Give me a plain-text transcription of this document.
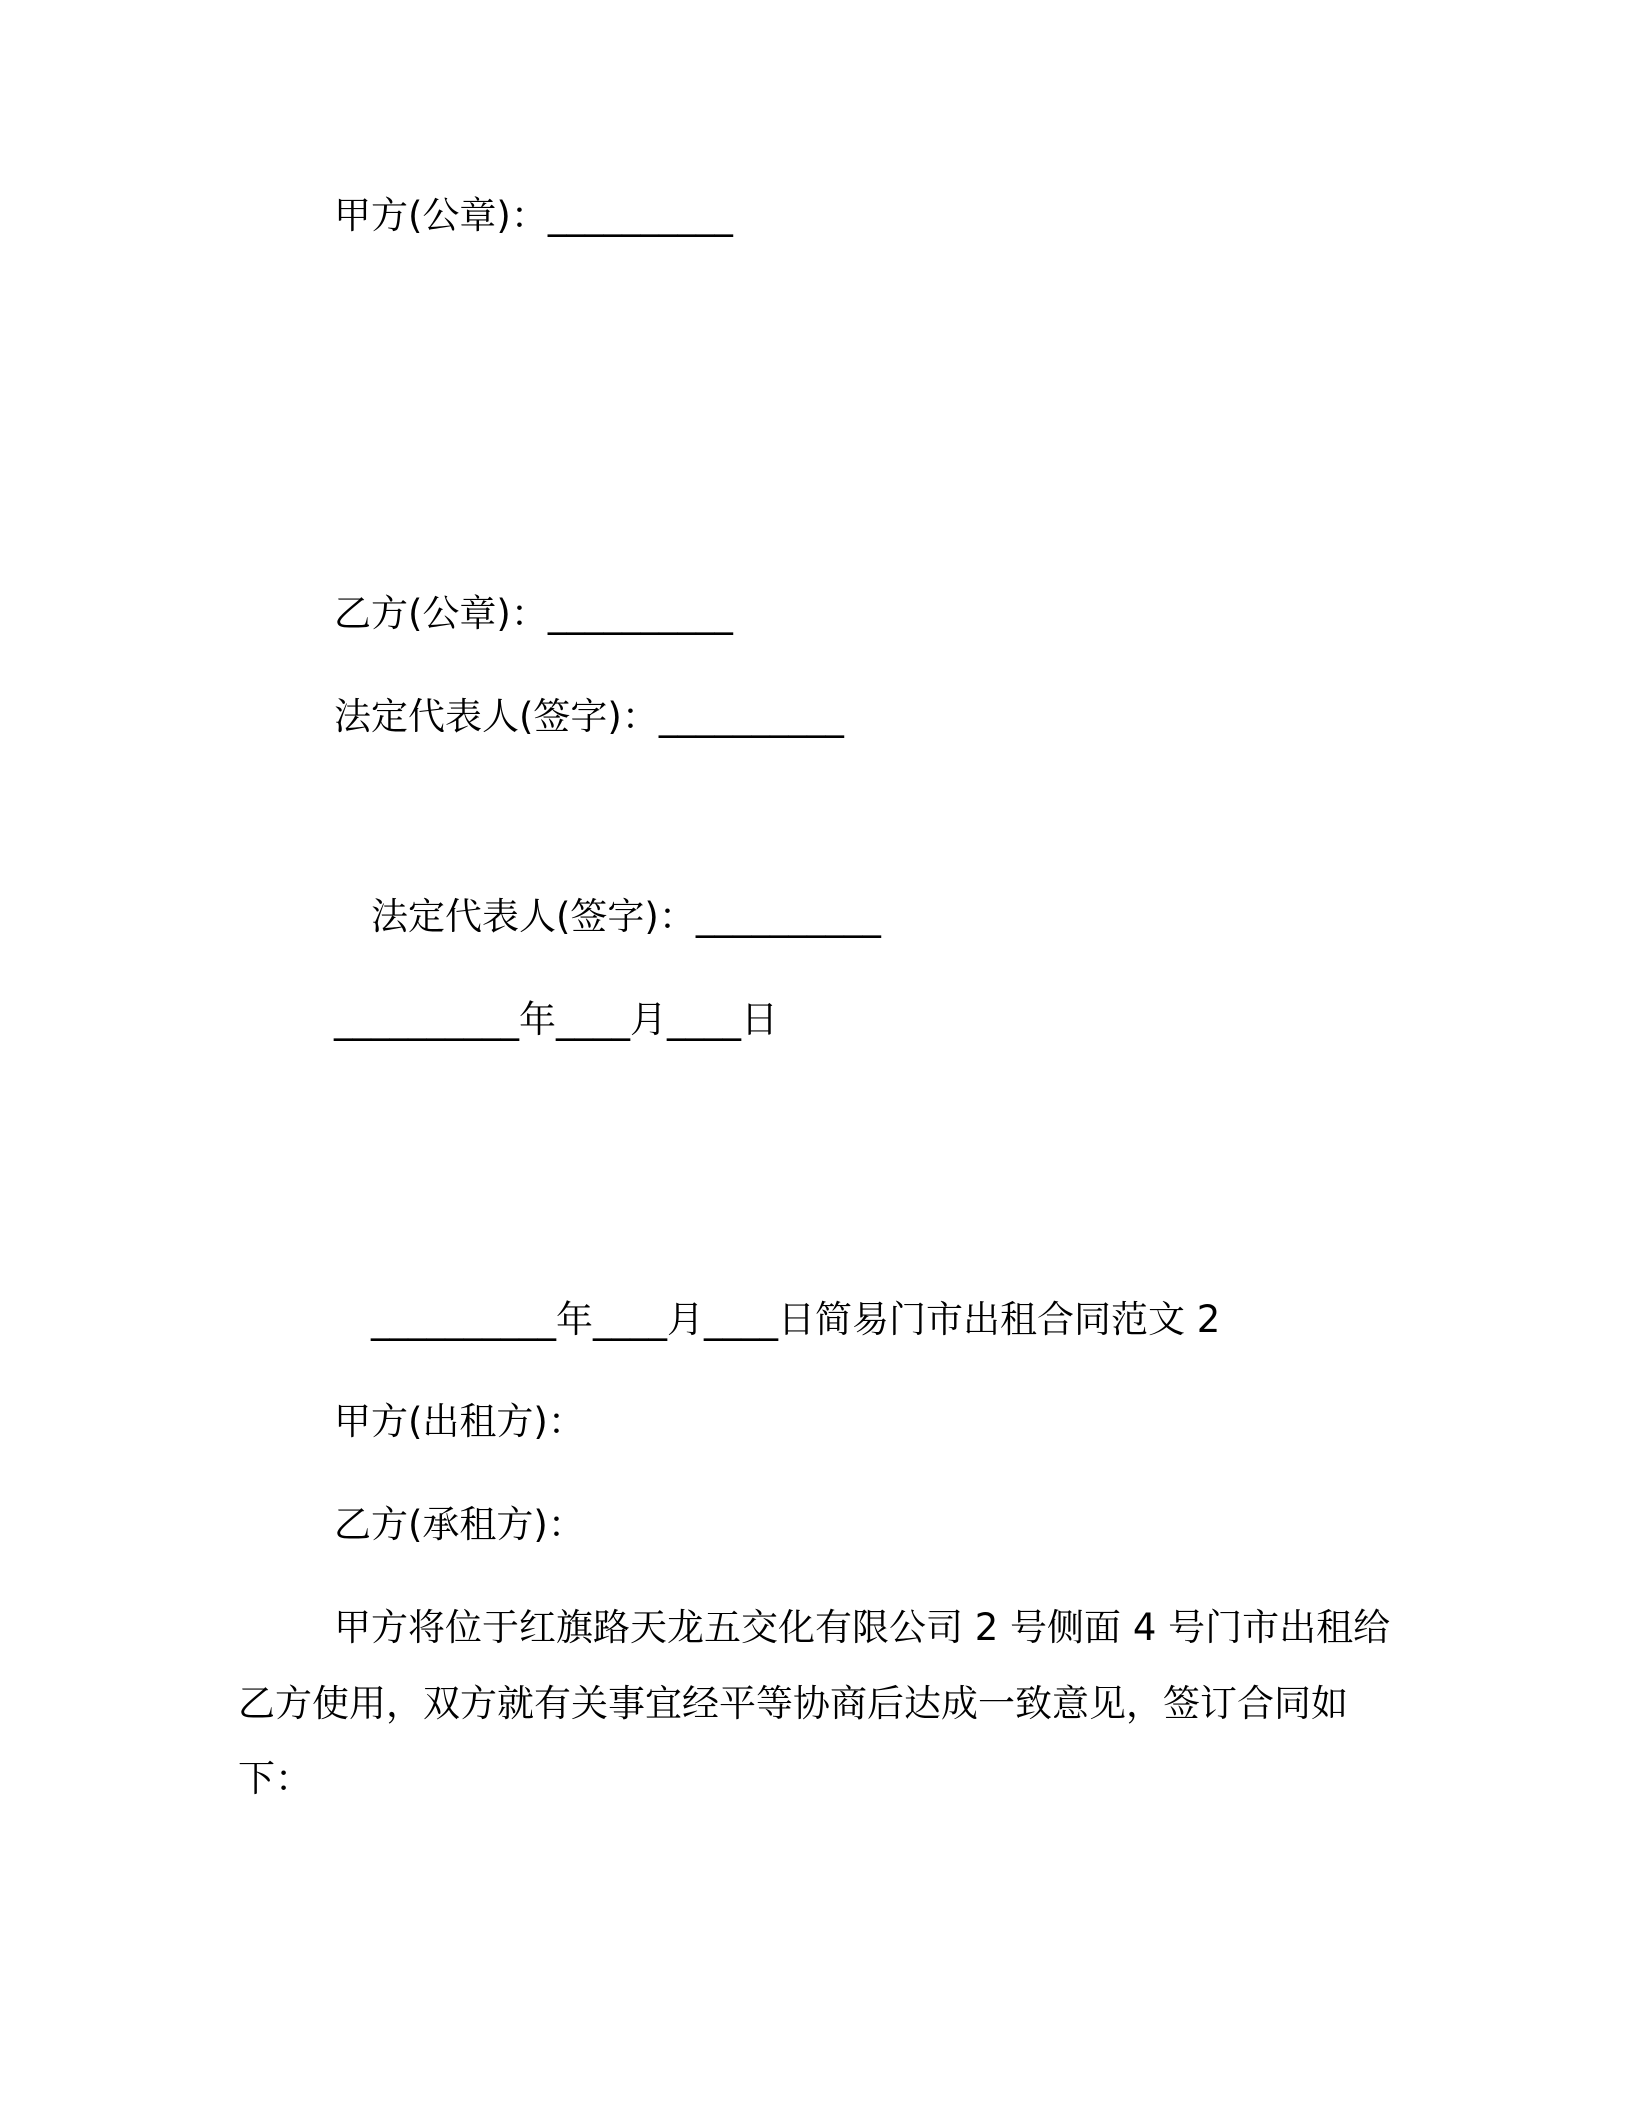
甲方(公章)：__________

乙方(公章)：__________

法定代表人(签字)：__________

法定代表人(签字)：__________

__________年____月____日

__________年____月____日简易门市出租合同范文 2

甲方(出租方)：

乙方(承租方)：

甲方将位于红旗路天龙五交化有限公司 2 号侧面 4 号门市出租给

乙方使用，双方就有关事宜经平等协商后达成一致意见，签订合同如

下：
